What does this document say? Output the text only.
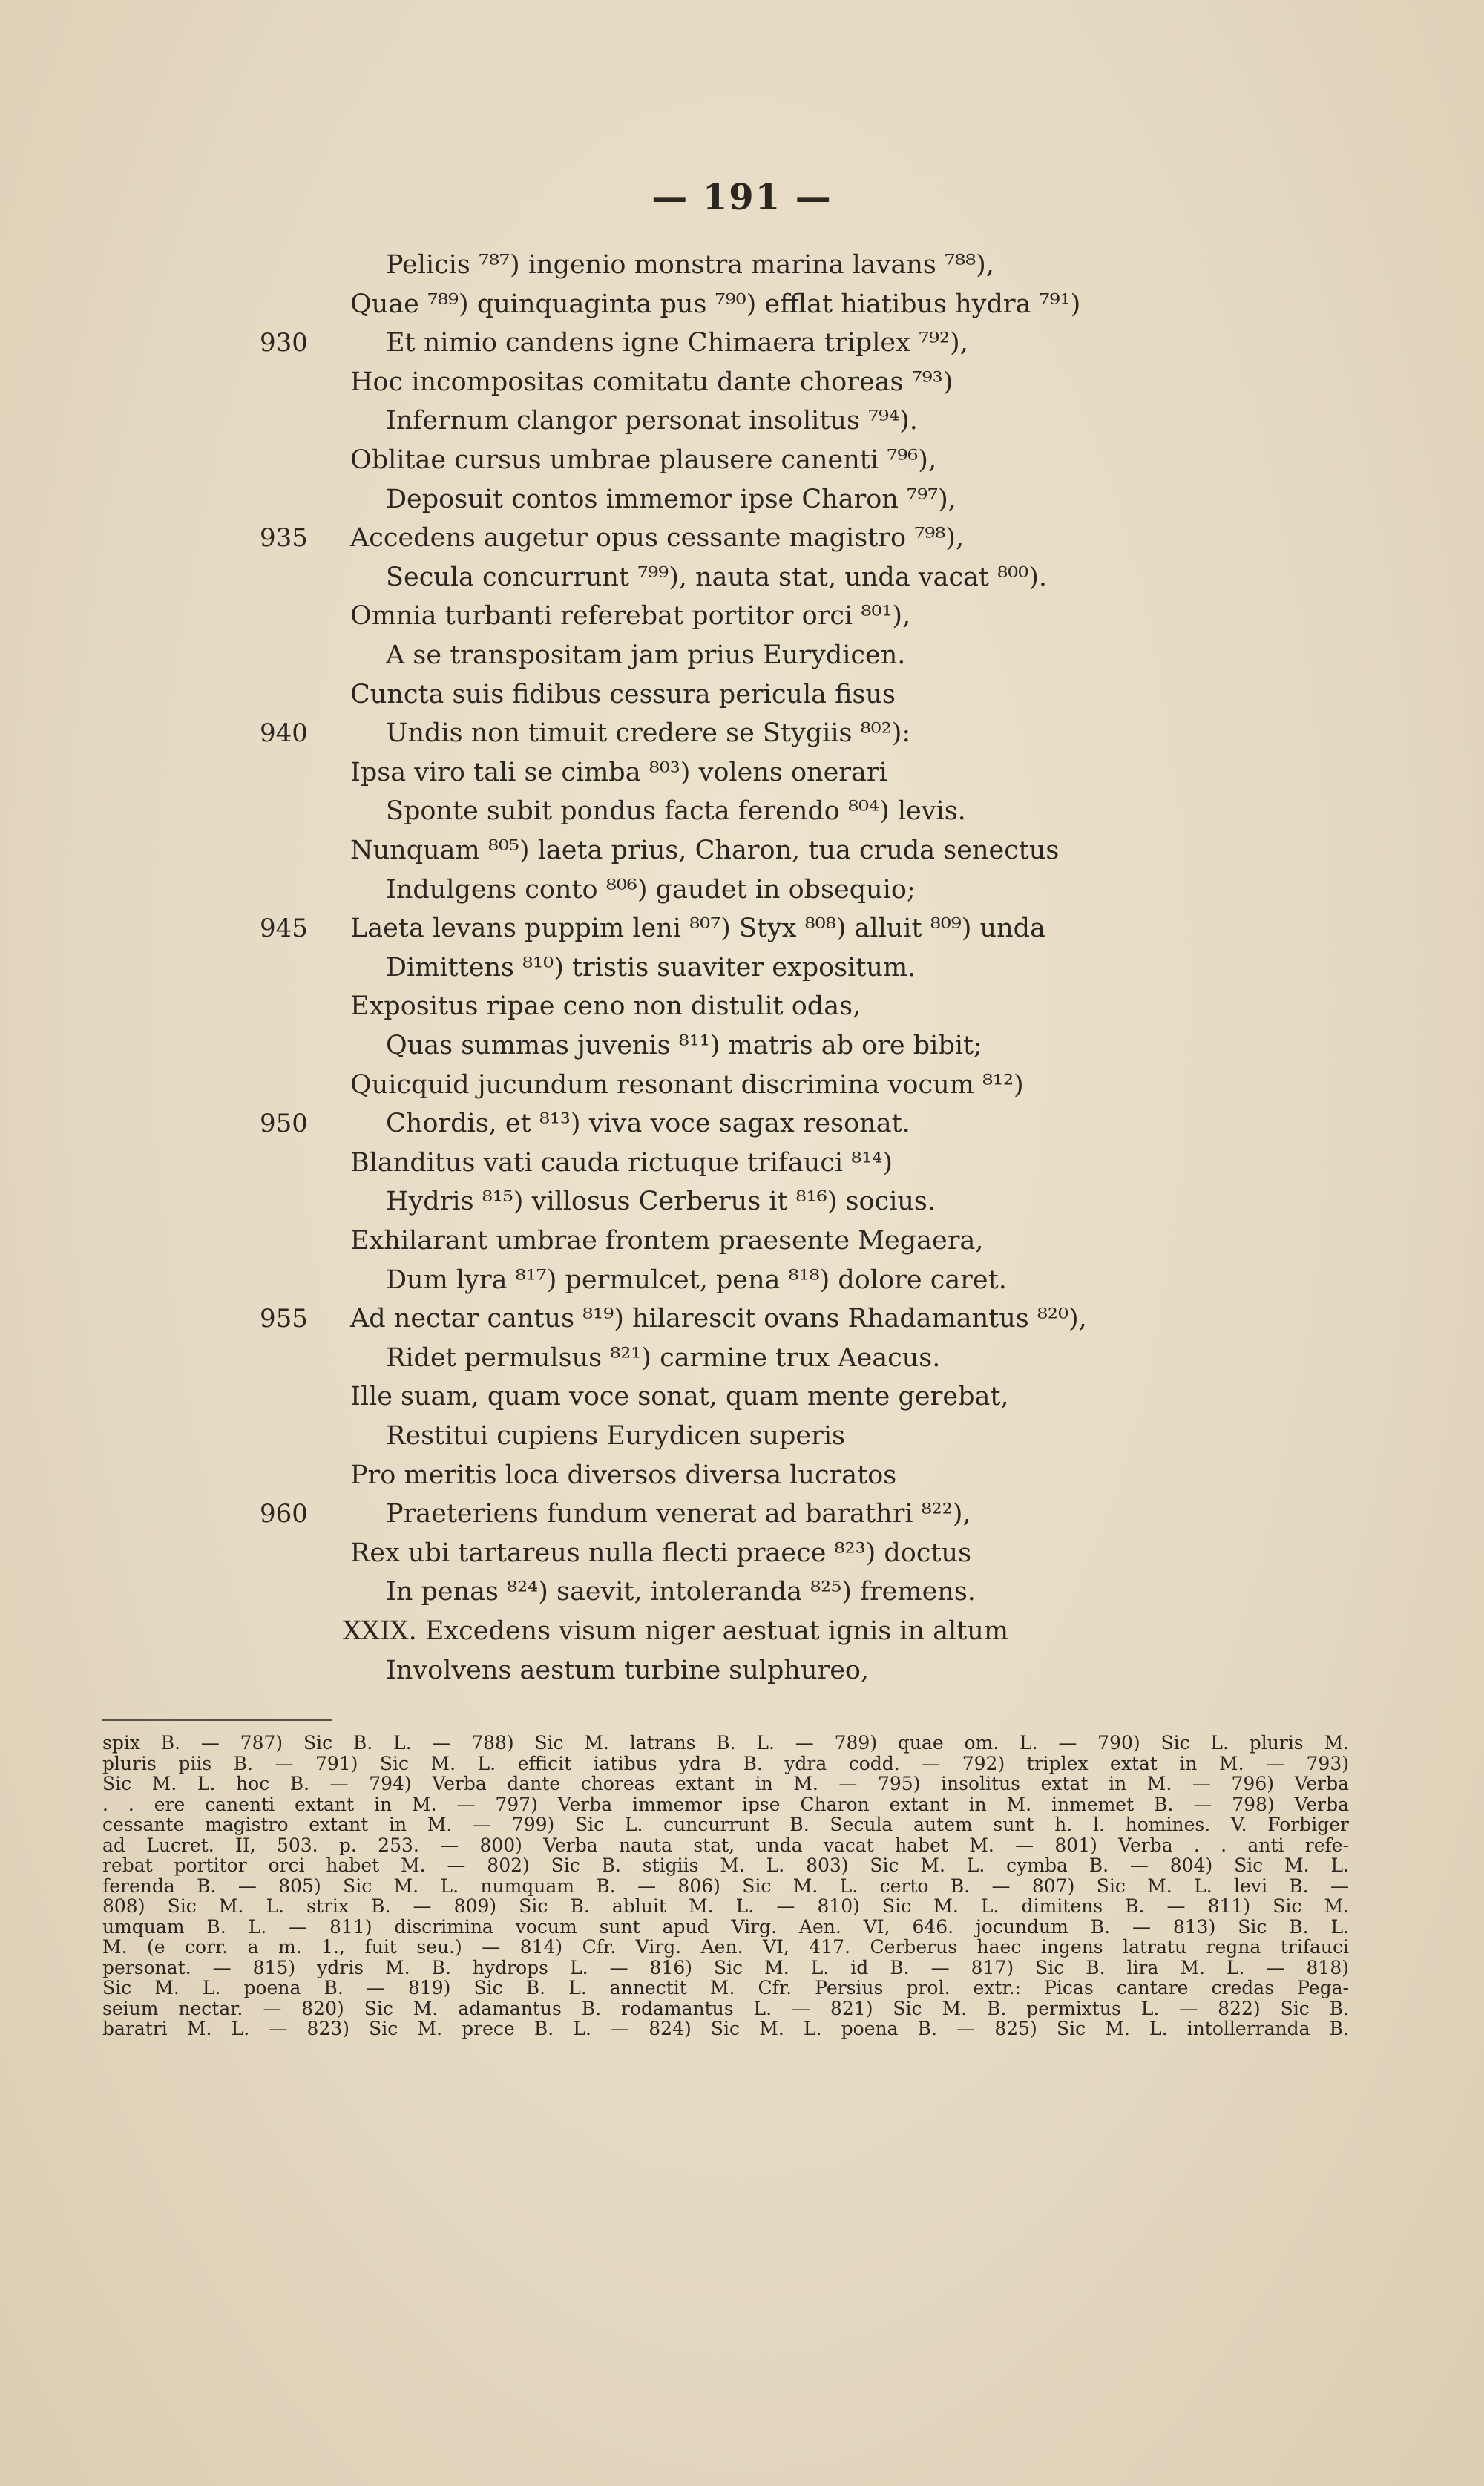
— 191 —
Pelicis ⁷⁸⁷) ingenio monstra marina lavans ⁷⁸⁸),
Quae ⁷⁸⁹) quinquaginta pus ⁷⁹⁰) efflat hiatibus hydra ⁷⁹¹)
930	Et nimio candens igne Chimaera triplex ⁷⁹²),
Hoc incompositas comitatu dante choreas ⁷⁹³)
Infernum clangor personat insolitus ⁷⁹⁴).
Oblitae cursus umbrae plausere canenti ⁷⁹⁶),
Deposuit contos immemor ipse Charon ⁷⁹⁷),
935	Accedens augetur opus cessante magistro ⁷⁹⁸),
Secula concurrunt ⁷⁹⁹), nauta stat, unda vacat ⁸⁰⁰).
Omnia turbanti referebat portitor orci ⁸⁰¹),
A se transpositam jam prius Eurydicen.
Cuncta suis fidibus cessura pericula fisus
940	Undis non timuit credere se Stygiis ⁸⁰²):
Ipsa viro tali se cimba ⁸⁰³) volens onerari
Sponte subit pondus facta ferendo ⁸⁰⁴) levis.
Nunquam ⁸⁰⁵) laeta prius, Charon, tua cruda senectus
Indulgens conto ⁸⁰⁶) gaudet in obsequio;
945	Laeta levans puppim leni ⁸⁰⁷) Styx ⁸⁰⁸) alluit ⁸⁰⁹) unda
Dimittens ⁸¹⁰) tristis suaviter expositum.
Expositus ripae ceno non distulit odas,
Quas summas juvenis ⁸¹¹) matris ab ore bibit;
Quicquid jucundum resonant discrimina vocum ⁸¹²)
950	Chordis, et ⁸¹³) viva voce sagax resonat.
Blanditus vati cauda rictuque trifauci ⁸¹⁴)
Hydris ⁸¹⁵) villosus Cerberus it ⁸¹⁶) socius.
Exhilarant umbrae frontem praesente Megaera,
Dum lyra ⁸¹⁷) permulcet, pena ⁸¹⁸) dolore caret.
955	Ad nectar cantus ⁸¹⁹) hilarescit ovans Rhadamantus ⁸²⁰),
Ridet permulsus ⁸²¹) carmine trux Aeacus.
Ille suam, quam voce sonat, quam mente gerebat,
Restitui cupiens Eurydicen superis
Pro meritis loca diversos diversa lucratos
960	Praeteriens fundum venerat ad barathri ⁸²²),
Rex ubi tartareus nulla flecti praece ⁸²³) doctus
In penas ⁸²⁴) saevit, intoleranda ⁸²⁵) fremens.
XXIX. Excedens visum niger aestuat ignis in altum
Involvens aestum turbine sulphureo,
spix B. — 787) Sic B. L. — 788) Sic M. latrans B. L. — 789) quae om. L. — 790) Sic L. pluris M.
pluris piis B. — 791) Sic M. L. efficit iatibus ydra B. ydra codd. — 792) triplex extat in M. — 793)
Sic M. L. hoc B. — 794) Verba dante choreas extant in M. — 795) insolitus extat in M. — 796) Verba
. . ere canenti extant in M. — 797) Verba immemor ipse Charon extant in M. inmemet B. — 798) Verba
cessante magistro extant in M. — 799) Sic L. cuncurrunt B. Secula autem sunt h. l. homines. V. Forbiger
ad Lucret. II, 503. p. 253. — 800) Verba nauta stat, unda vacat habet M. — 801) Verba . . anti refe-
rebat portitor orci habet M. — 802) Sic B. stigiis M. L. 803) Sic M. L. cymba B. — 804) Sic M. L.
ferenda B. — 805) Sic M. L. numquam B. — 806) Sic M. L. certo B. — 807) Sic M. L. levi B. —
808) Sic M. L. strix B. — 809) Sic B. abluit M. L. — 810) Sic M. L. dimitens B. — 811) Sic M.
umquam B. L. — 811) discrimina vocum sunt apud Virg. Aen. VI, 646. jocundum B. — 813) Sic B. L.
M. (e corr. a m. 1., fuit seu.) — 814) Cfr. Virg. Aen. VI, 417. Cerberus haec ingens latratu regna trifauci
personat. — 815) ydris M. B. hydrops L. — 816) Sic M. L. id B. — 817) Sic B. lira M. L. — 818)
Sic M. L. poena B. — 819) Sic B. L. annectit M. Cfr. Persius prol. extr.: Picas cantare credas Pega-
seium nectar. — 820) Sic M. adamantus B. rodamantus L. — 821) Sic M. B. permixtus L. — 822) Sic B.
baratri M. L. — 823) Sic M. prece B. L. — 824) Sic M. L. poena B. — 825) Sic M. L. intollerranda B.
